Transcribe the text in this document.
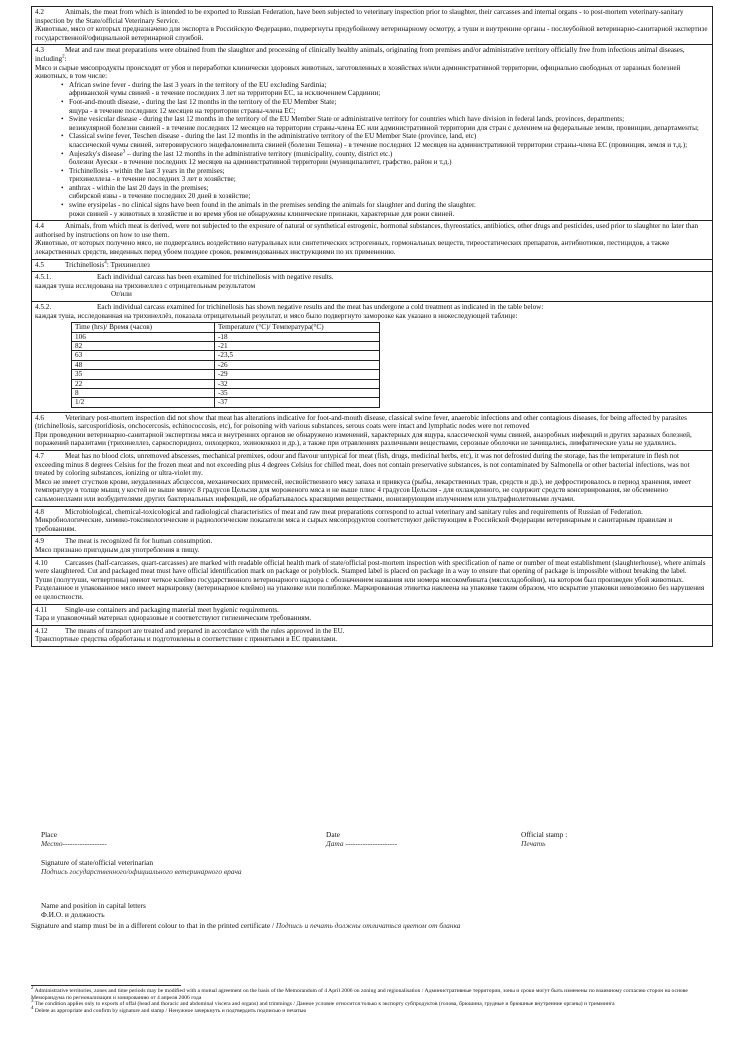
4.2	Animals, the meat from which is intended to be exported to Russian Federation, have been subjected to veterinary inspection prior to slaughter, their carcasses and internal organs - to post-mortem veterinary-sanitary inspection by the State/official Veterinary Service.

Животные, мясо от которых предназначено для экспорта в Российскую Федерацию, подвергнуты предубойному ветеринарному осмотру, а туши и внутренние органы - послеубойной ветеринарно-санитарной экспертизе государственной/официальной ветеринарной службой.

4.3	Meat and raw meat preparations were obtained from the slaughter and processing of clinically healthy animals, originating from premises and/or administrative territory officially free from infectious animal diseases, including$^2$:

Мясо и сырые мясопродукты происходят от убоя и переработки клинически здоровых животных, заготовленных в хозяйствах и/или административной территории, официально свободных от заразных болезней животных, в том числе:

• African swine fever - during the last 3 years in the territory of the EU excluding Sardinia;
африканской чумы свиней - в течение последних 3 лет на территории ЕС, за исключением Сардинии;
• Foot-and-mouth disease, - during the last 12 months in the territory of the EU Member State;
ящура - в течение последних 12 месяцев на территории страны-члена ЕС;
• Swine vesicular disease - during the last 12 months in the territory of the EU Member State or administrative territory for countries which have division in federal lands, provinces, departments;
везикулярной болезни свиней - в течение последних 12 месяцев на территории страны-члена ЕС или административной территории для стран с делением на федеральные земли, провинции, департаменты;
• Classical swine fever, Teschen disease - during the last 12 months in the administrative territory of the EU Member State (province, land, etc)
классической чумы свиней, энтеровирусного энцефаломиелита свиней (болезни Тешена) - в течение последних 12 месяцев на административной территории страны-члена ЕС (провинция, земля и т.д.);
• Aujeszky's disease$^3$ – during the last 12 months in the administrative territory (municipality, county, district etc.)
болезни Ауески - в течение последних 12 месяцев на административной территории (муниципалитет, графство, район и т.д.)
• Trichinellosis - within the last 3 years in the premises;
трихинеллеза - в течение последних 3 лет в хозяйстве;
• anthrax - within the last 20 days in the premises;
сибирской язвы - в течение последних 20 дней в хозяйстве;
• swine erysipelas - no clinical signs have been found in the animals in the premises sending the animals for slaughter and during the slaughter.
рожи свиней - у животных в хозяйстве и во время убоя не обнаружены клинические признаки, характерные для рожи свиней.

4.4	Animals, from which meat is derived, were not subjected to the exposure of natural or synthetical estrogenic, hormonal substances, thyreostatics, antibiotics, other drugs and pesticides, used prior to slaughter no later than authorised by instructions on how to use them.

Животные, от которых получено мясо, не подвергались воздействию натуральных или синтетических эстрогенных, гормональных веществ, тиреостатических препаратов, антибиотиков, пестицидов, а также лекарственных средств, введенных перед убоем позднее сроков, рекомендованных инструкциями по их применению.

4.5	Trichinellosis$^4$: Трихинеллез

4.5.1.	Each individual carcass has been examined for trichinellosis with negative results.

каждая туша исследована на трихинеллез с отрицательным результатом

Or/или

4.5.2.	Each individual carcass examined for trichinellosis has shown negative results and the meat has undergone a cold treatment as indicated in the table below:

каждая туша, исследованная на трихинеллёз, показала отрицательный результат, и мясо было подвергнуто заморозке как указано в нижеследующей таблице:

Time (hrs)/ Время (часов)	Temperature (°C)/ Температура(°C)
106	-18
82	-21
63	-23,5
48	-26
35	-29
22	-32
8	-35
1/2	-37

4.6	Veterinary post-mortem inspection did not show that meat has alterations indicative for foot-and-mouth disease, classical swine fever, anaerobic infections and other contagious diseases, for being affected by parasites (trichinellosis, sarcosporidiosis, onchocercosis, echinococcosis, etc), for poisoning with various substances, serous coats were intact and lymphatic nodes were not removed

При проведении ветеринарно-санитарной экспертизы мяса и внутренних органов не обнаружено изменений, характерных для ящура, классической чумы свиней, анаэробных инфекций и других заразных болезней, поражений паразитами (трихинеллез, саркоспоридиоз, онхоцеркоз, эхинококкоз и др.), а также при отравлениях различными веществами, серозные оболочки не зачищались, лимфатические узлы не удалялись.

4.7	Meat has no blood clots, unremoved abscesses, mechanical premixes, odour and flavour untypical for meat (fish, drugs, medicinal herbs, etc), it was not defrosted during the storage, has the temperature in flesh not exceeding minus 8 degrees Celsius for the frozen meat and not exceeding plus 4 degrees Celsius for chilled meat, does not contain preservative substances, is not contaminated by Salmonella or other bacterial infections, was not treated by coloring substances, ionizing or ultra-violet my.

Мясо не имеет сгустков крови, неудаленных абсцессов, механических примесей, несвойственного мясу запаха и привкуса (рыбы, лекарственных трав, средств и др.), не дефростировалось в период хранения, имеет температуру в толще мышц у костей не выше минус 8 градусов Цельсия для мороженого мяса и не выше плюс 4 градусов Цельсия - для охлажденного, не содержит средств консервирования, не обсеменено сальмонеллами или возбудителями других бактериальных инфекций, не обрабатывалось красящими веществами, ионизирующим излучением или ультрафиолетовыми лучами.

4.8	Microbiological, chemical-toxicological and radiological characteristics of meat and raw meat preparations correspond to actual veterinary and sanitary rules and requirements of Russian of Federation.

Микробиологические, химико-токсикологические и радиологические показатели мяса и сырых мясопродуктов соответствуют действующим в Российской Федерации ветеринарным и санитарным правилам и требованиям.

4.9	The meat is recognized fit for human consumption.

Мясо признано пригодным для употребления в пищу.

4.10 Carcasses (half-carcasses, quart-carcasses) are marked with readable official health mark of state/official post-mortem inspection with specification of name or number of meat establishment (slaughterhouse), where animals were slaughtered. Cut and packaged meat must have official identification mark on package or polyblock. Stamped label is placed on package in a way to ensure that opening of package is impossible without breaking the label.

Туши (полутуши, четвертины) имеют четкое клеймо государственного ветеринарного надзора с обозначением названия или номера мясокомбината (мясохладобойни), на котором был произведен убой животных. Разделанное и упакованное мясо имеет маркировку (ветеринарное клеймо) на упаковке или полиблоке. Маркированная этикетка наклеена на упаковке таким образом, что вскрытие упаковки невозможно без нарушения ее целостности.

4.11 Single-use containers and packaging material meet hygienic requirements.

Тара и упаковочный материал одноразовые и соответствуют гигиеническим требованиям.

4.12 The means of transport are treated and prepared in accordance with the rules approved in the EU.

Транспортные средства обработаны и подготовлены в соответствии с принятыми в ЕС правилами.

Place
Место------------------
Date
Дата ---------------------
Official stamp :
Печать
Signature of state/official veterinarian
Подпись государственного/официального ветеринарного врача
Name and position in capital letters
Ф.И.О. и должность
Signature and stamp must be in a different colour to that in the printed certificate / Подпись и печать должны отличаться цветом от бланка

$^2$ Administrative territories, zones and time periods may be modified with a mutual agreement on the basis of the Memorandum of 4 April 2006 on zoning and regionalisation / Административные территории, зоны и сроки могут быть изменены по взаимному согласию сторон на основе Меморандума по регионализации и зонированию от 4 апреля 2006 года

$^3$ The condition applies only to exports of offal (head and thoracic and abdominal viscera and organs) and trimmings / Данное условие относится только к экспорту субпродуктов (голова, брюшина, грудные и брюшные внутренние органы) и тримминга

$^4$ Delete as appropriate and confirm by signature and stamp / Ненужное зачеркнуть и подтвердить подписью и печатью
